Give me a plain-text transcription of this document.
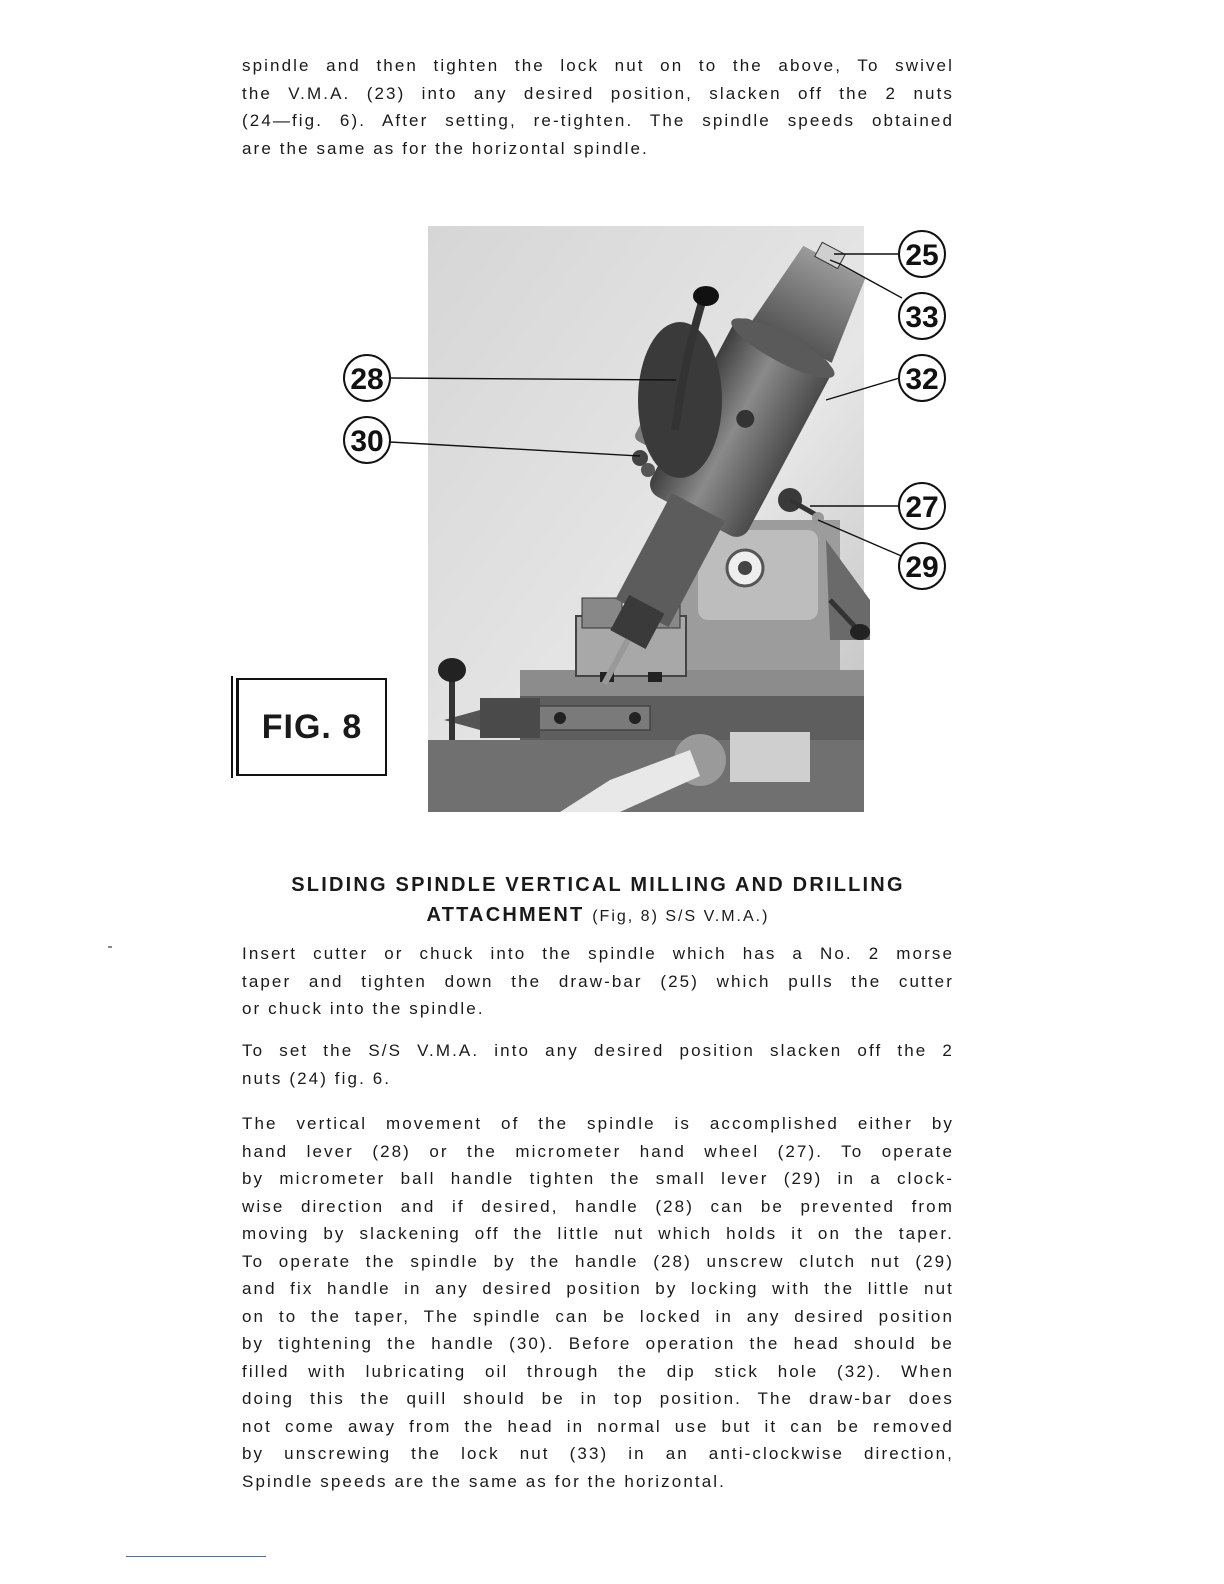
spindle and then tighten the lock nut on to the above, To swivel
the V.M.A. (23) into any desired position, slacken off the 2 nuts
(24—fig. 6). After setting, re-tighten. The spindle speeds obtained
are the same as for the horizontal spindle.
25
33
32
28
30
27
29
FIG. 8
SLIDING SPINDLE VERTICAL MILLING AND DRILLING
ATTACHMENT (Fig, 8) S/S V.M.A.)
Insert cutter or chuck into the spindle which has a No. 2 morse
taper and tighten down the draw-bar (25) which pulls the cutter
or chuck into the spindle.
To set the S/S V.M.A. into any desired position slacken off the 2
nuts (24) fig. 6.
The vertical movement of the spindle is accomplished either by
hand lever (28) or the micrometer hand wheel (27). To operate
by micrometer ball handle tighten the small lever (29) in a clock-
wise direction and if desired, handle (28) can be prevented from
moving by slackening off the little nut which holds it on the taper.
To operate the spindle by the handle (28) unscrew clutch nut (29)
and fix handle in any desired position by locking with the little nut
on to the taper, The spindle can be locked in any desired position
by tightening the handle (30). Before operation the head should be
filled with lubricating oil through the dip stick hole (32). When
doing this the quill should be in top position. The draw-bar does
not come away from the head in normal use but it can be removed
by unscrewing the lock nut (33) in an anti-clockwise direction,
Spindle speeds are the same as for the horizontal.
